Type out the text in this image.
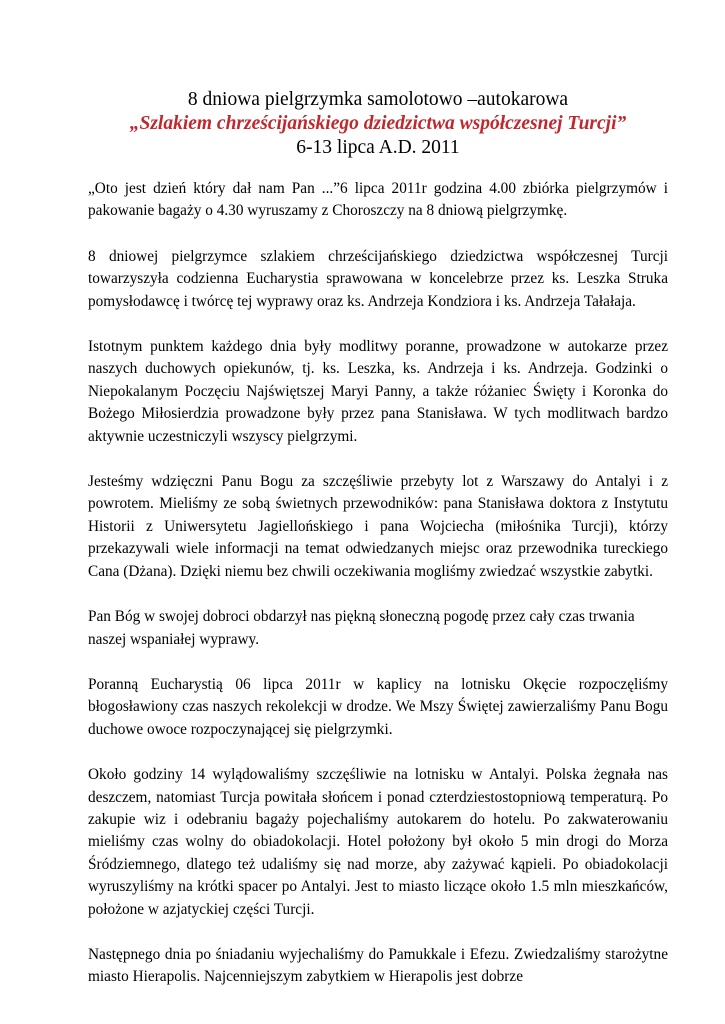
8 dniowa pielgrzymka samolotowo –autokarowa

„Szlakiem chrześcijańskiego dziedzictwa współczesnej Turcji”

6-13 lipca A.D. 2011

„Oto jest dzień który dał nam Pan ...”6 lipca 2011r godzina 4.00 zbiórka pielgrzymów i pakowanie bagaży o 4.30 wyruszamy z Choroszczy na 8 dniową pielgrzymkę.

8 dniowej pielgrzymce szlakiem chrześcijańskiego dziedzictwa współczesnej Turcji towarzyszyła codzienna Eucharystia sprawowana w koncelebrze przez ks. Leszka Struka pomysłodawcę i twórcę tej wyprawy oraz ks. Andrzeja Kondziora i ks. Andrzeja Tałałaja.

Istotnym punktem każdego dnia były modlitwy poranne, prowadzone w autokarze przez naszych duchowych opiekunów, tj. ks. Leszka, ks. Andrzeja i ks. Andrzeja. Godzinki o Niepokalanym Poczęciu Najświętszej Maryi Panny, a także różaniec Święty i Koronka do Bożego Miłosierdzia prowadzone były przez pana Stanisława. W tych modlitwach bardzo aktywnie uczestniczyli wszyscy pielgrzymi.

Jesteśmy wdzięczni Panu Bogu za szczęśliwie przebyty lot z Warszawy do Antalyi i z powrotem. Mieliśmy ze sobą świetnych przewodników: pana Stanisława doktora z Instytutu Historii z Uniwersytetu Jagiellońskiego i pana Wojciecha (miłośnika Turcji), którzy przekazywali wiele informacji na temat odwiedzanych miejsc oraz przewodnika tureckiego Cana (Dżana). Dzięki niemu bez chwili oczekiwania mogliśmy zwiedzać wszystkie zabytki.

Pan Bóg w swojej dobroci obdarzył nas piękną słoneczną pogodę przez cały czas trwania naszej wspaniałej wyprawy.

Poranną Eucharystią 06 lipca 2011r w kaplicy na lotnisku Okęcie rozpoczęliśmy błogosławiony czas naszych rekolekcji w drodze. We Mszy Świętej zawierzaliśmy Panu Bogu duchowe owoce rozpoczynającej się pielgrzymki.

Około godziny 14 wylądowaliśmy szczęśliwie na lotnisku w Antalyi. Polska żegnała nas deszczem, natomiast Turcja powitała słońcem i ponad czterdziestostopniową temperaturą. Po zakupie wiz i odebraniu bagaży pojechaliśmy autokarem do hotelu. Po zakwaterowaniu mieliśmy czas wolny do obiadokolacji. Hotel położony był około 5 min drogi do Morza Śródziemnego, dlatego też udaliśmy się nad morze, aby zażywać kąpieli. Po obiadokolacji wyruszyliśmy na krótki spacer po Antalyi. Jest to miasto liczące około 1.5 mln mieszkańców, położone w azjatyckiej części Turcji.

Następnego dnia po śniadaniu wyjechaliśmy do Pamukkale i Efezu. Zwiedzaliśmy starożytne miasto Hierapolis. Najcenniejszym zabytkiem w Hierapolis jest dobrze
